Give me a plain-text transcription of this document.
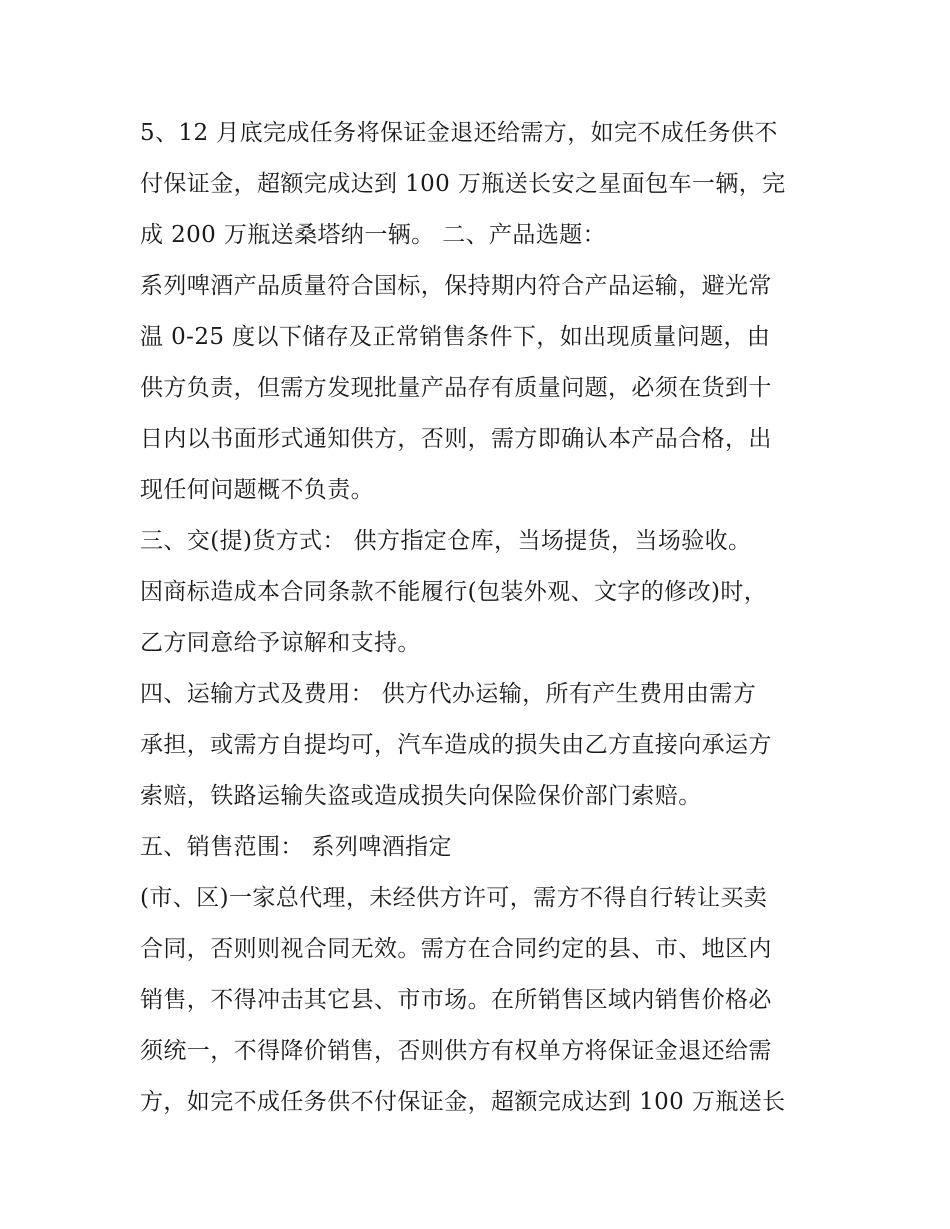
5、12 月底完成任务将保证金退还给需方，如完不成任务供不
付保证金，超额完成达到 100 万瓶送长安之星面包车一辆，完
成 200 万瓶送桑塔纳一辆。 二、产品选题：
系列啤酒产品质量符合国标，保持期内符合产品运输，避光常
温 0-25 度以下储存及正常销售条件下，如出现质量问题，由
供方负责，但需方发现批量产品存有质量问题，必须在货到十
日内以书面形式通知供方，否则，需方即确认本产品合格，出
现任何问题概不负责。
三、交(提)货方式： 供方指定仓库，当场提货，当场验收。
因商标造成本合同条款不能履行(包装外观、文字的修改)时，
乙方同意给予谅解和支持。
四、运输方式及费用： 供方代办运输，所有产生费用由需方
承担，或需方自提均可，汽车造成的损失由乙方直接向承运方
索赔，铁路运输失盗或造成损失向保险保价部门索赔。
五、销售范围： 系列啤酒指定
(市、区)一家总代理，未经供方许可，需方不得自行转让买卖
合同，否则则视合同无效。需方在合同约定的县、市、地区内
销售，不得冲击其它县、市市场。在所销售区域内销售价格必
须统一，不得降价销售，否则供方有权单方将保证金退还给需
方，如完不成任务供不付保证金，超额完成达到 100 万瓶送长
